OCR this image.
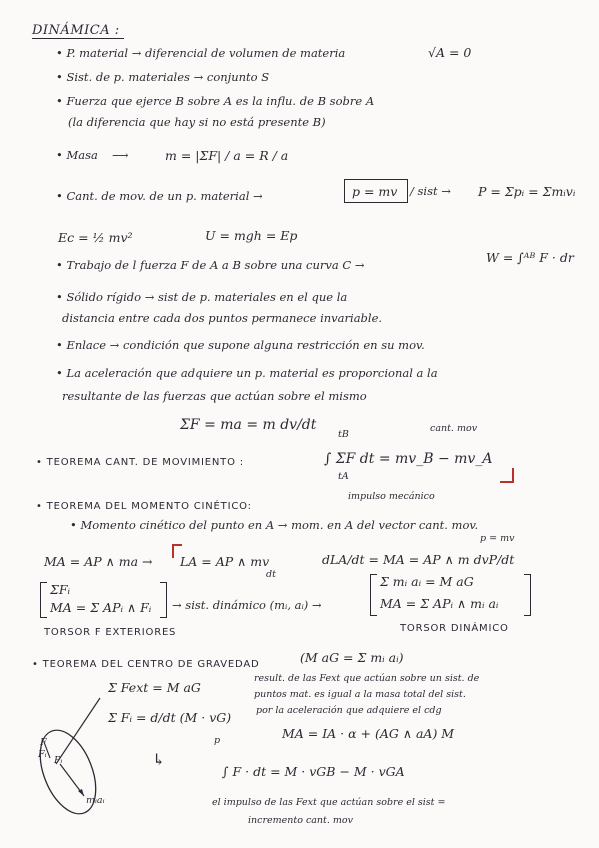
DINÁMICA :
• P. material → diferencial de volumen de materia	√A = 0
• Sist. de p. materiales → conjunto S
• Fuerza que ejerce B sobre A es la influ. de B sobre A
(la diferencia que hay si no está presente B)
• Masa ⟶	m = |ΣF| / a = R / a
• Cant. de mov. de un p. material →	p = mv / sist → P = Σpᵢ = Σmᵢvᵢ
Ec = ½ mv²	U = mgh = Ep
• Trabajo de l fuerza F de A a B sobre una curva C →	W = ∫ᴬᴮ F · dr
• Sólido rígido → sist de p. materiales en el que la
distancia entre cada dos puntos permanece invariable.
• Enlace → condición que supone alguna restricción en su mov.
• La aceleración que adquiere un p. material es proporcional a la
resultante de las fuerzas que actúan sobre el mismo
ΣF = ma = m dv/dt	cant. mov
• TEOREMA CANT. DE MOVIMIENTO :
tB
tA
∫ ΣF dt = mv_B − mv_A
impulso mecánico
• TEOREMA DEL MOMENTO CINÉTICO:
• Momento cinético del punto en A → mom. en A del vector cant. mov.
p = mv
MA = AP ∧ ma → LA = AP ∧ mv
dt
dLA/dt = MA = AP ∧ m dvP/dt
ΣFᵢ
MA = Σ APᵢ ∧ Fᵢ → sist. dinámico (mᵢ, aᵢ) →
Σ mᵢ aᵢ = M aG
MA = Σ APᵢ ∧ mᵢ aᵢ
TORSOR F EXTERIORES	TORSOR DINÁMICO
• TEOREMA DEL CENTRO DE GRAVEDAD	(M aG = Σ mᵢ aᵢ)
Σ Fext = M aG
result. de las Fext que actúan sobre un sist. de
puntos mat. es igual a la masa total del sist.
por la aceleración que adquiere el cdg
Σ Fᵢ = d/dt (M · vG)
p	MA = IA · α + (AG ∧ aA) M
↳
∫ F · dt = M · vGB − M · vGA
el impulso de las Fext que actúan sobre el sist =
incremento cant. mov
F
Fᵢ
Pᵢ
mᵢaᵢ
